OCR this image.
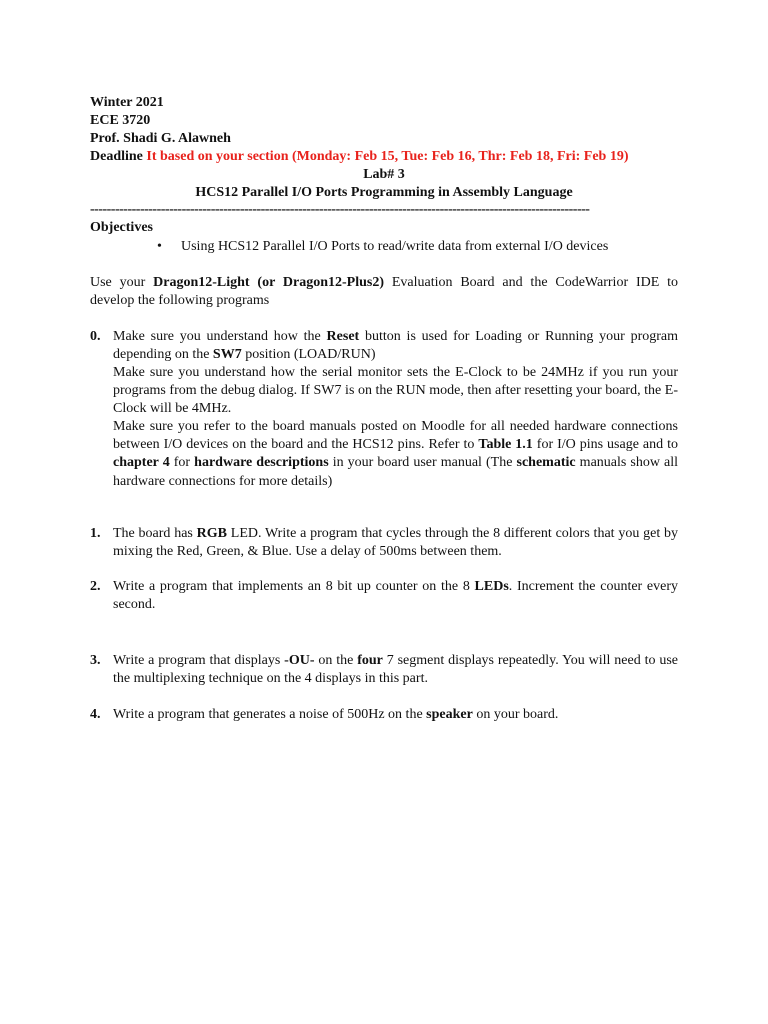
Winter 2021
ECE 3720
Prof. Shadi G. Alawneh
Deadline It based on your section (Monday: Feb 15, Tue: Feb 16, Thr: Feb 18, Fri: Feb 19)
Lab# 3
HCS12 Parallel I/O Ports Programming in Assembly Language
------------------------------------------------------------------------------------------------------------------------
Objectives
• Using HCS12 Parallel I/O Ports to read/write data from external I/O devices
Use your Dragon12-Light (or Dragon12-Plus2) Evaluation Board and the CodeWarrior IDE to develop the following programs
0. Make sure you understand how the Reset button is used for Loading or Running your program depending on the SW7 position (LOAD/RUN)
Make sure you understand how the serial monitor sets the E-Clock to be 24MHz if you run your programs from the debug dialog. If SW7 is on the RUN mode, then after resetting your board, the E-Clock will be 4MHz.
Make sure you refer to the board manuals posted on Moodle for all needed hardware connections between I/O devices on the board and the HCS12 pins. Refer to Table 1.1 for I/O pins usage and to chapter 4 for hardware descriptions in your board user manual (The schematic manuals show all hardware connections for more details)
1. The board has RGB LED. Write a program that cycles through the 8 different colors that you get by mixing the Red, Green, & Blue. Use a delay of 500ms between them.
2. Write a program that implements an 8 bit up counter on the 8 LEDs. Increment the counter every second.
3. Write a program that displays -OU- on the four 7 segment displays repeatedly. You will need to use the multiplexing technique on the 4 displays in this part.
4. Write a program that generates a noise of 500Hz on the speaker on your board.
